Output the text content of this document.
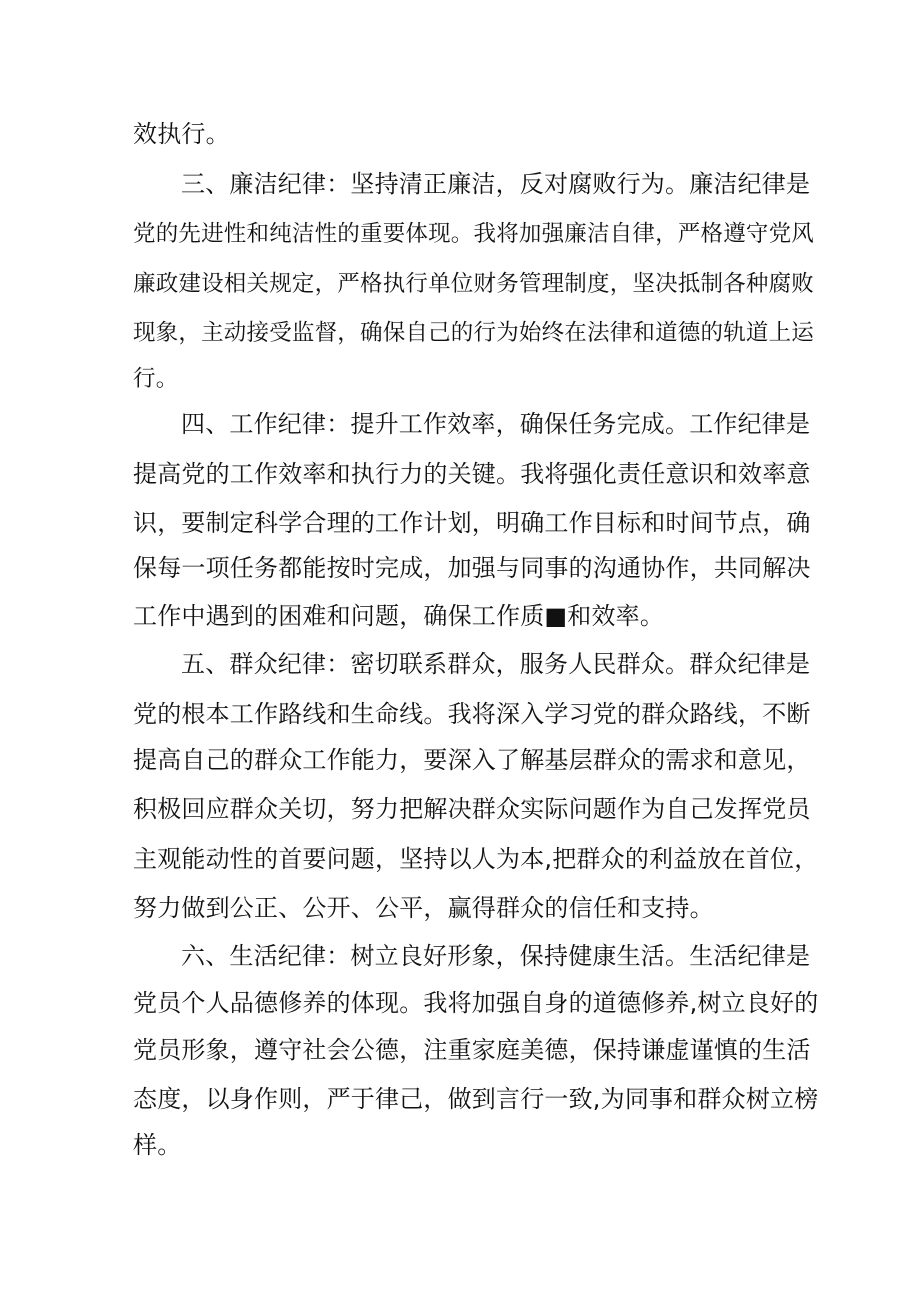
效执行。
三、廉洁纪律：坚持清正廉洁，反对腐败行为。廉洁纪律是
党的先进性和纯洁性的重要体现。我将加强廉洁自律，严格遵守党风
廉政建设相关规定，严格执行单位财务管理制度，坚决抵制各种腐败
现象，主动接受监督，确保自己的行为始终在法律和道德的轨道上运
行。
四、工作纪律：提升工作效率，确保任务完成。工作纪律是
提高党的工作效率和执行力的关键。我将强化责任意识和效率意
识，要制定科学合理的工作计划，明确工作目标和时间节点，确
保每一项任务都能按时完成，加强与同事的沟通协作，共同解决
工作中遇到的困难和问题，确保工作质■和效率。
五、群众纪律：密切联系群众，服务人民群众。群众纪律是
党的根本工作路线和生命线。我将深入学习党的群众路线，不断
提高自己的群众工作能力，要深入了解基层群众的需求和意见，
积极回应群众关切，努力把解决群众实际问题作为自己发挥党员
主观能动性的首要问题，坚持以人为本,把群众的利益放在首位，
努力做到公正、公开、公平，赢得群众的信任和支持。
六、生活纪律：树立良好形象，保持健康生活。生活纪律是
党员个人品德修养的体现。我将加强自身的道德修养,树立良好的
党员形象，遵守社会公德，注重家庭美德，保持谦虚谨慎的生活
态度，以身作则，严于律己，做到言行一致,为同事和群众树立榜
样。
